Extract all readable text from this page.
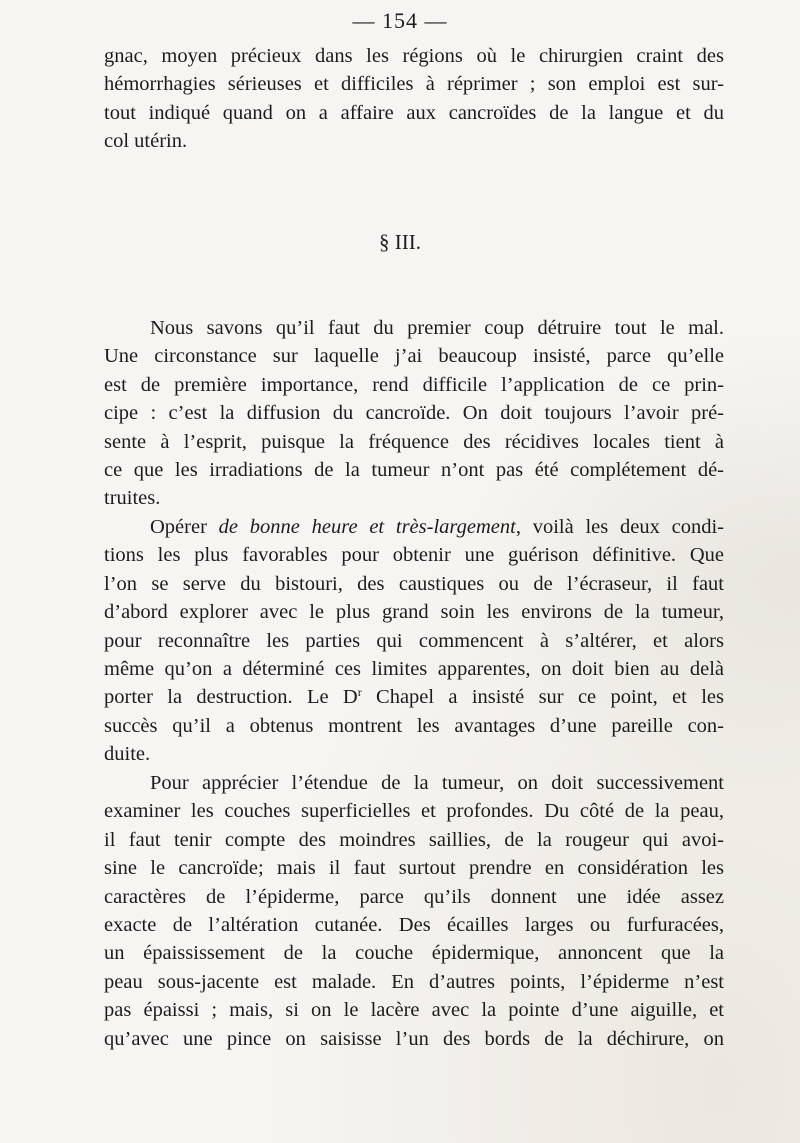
— 154 —
gnac, moyen précieux dans les régions où le chirurgien craint des
hémorrhagies sérieuses et difficiles à réprimer ; son emploi est sur-
tout indiqué quand on a affaire aux cancroïdes de la langue et du
col utérin.
§ III.
Nous savons qu’il faut du premier coup détruire tout le mal.
Une circonstance sur laquelle j’ai beaucoup insisté, parce qu’elle
est de première importance, rend difficile l’application de ce prin-
cipe : c’est la diffusion du cancroïde. On doit toujours l’avoir pré-
sente à l’esprit, puisque la fréquence des récidives locales tient à
ce que les irradiations de la tumeur n’ont pas été complétement dé-
truites.
Opérer de bonne heure et très-largement, voilà les deux condi-
tions les plus favorables pour obtenir une guérison définitive. Que
l’on se serve du bistouri, des caustiques ou de l’écraseur, il faut
d’abord explorer avec le plus grand soin les environs de la tumeur,
pour reconnaître les parties qui commencent à s’altérer, et alors
même qu’on a déterminé ces limites apparentes, on doit bien au delà
porter la destruction. Le $D^r$ Chapel a insisté sur ce point, et les
succès qu’il a obtenus montrent les avantages d’une pareille con-
duite.
Pour apprécier l’étendue de la tumeur, on doit successivement
examiner les couches superficielles et profondes. Du côté de la peau,
il faut tenir compte des moindres saillies, de la rougeur qui avoi-
sine le cancroïde; mais il faut surtout prendre en considération les
caractères de l’épiderme, parce qu’ils donnent une idée assez
exacte de l’altération cutanée. Des écailles larges ou furfuracées,
un épaississement de la couche épidermique, annoncent que la
peau sous-jacente est malade. En d’autres points, l’épiderme n’est
pas épaissi ; mais, si on le lacère avec la pointe d’une aiguille, et
qu’avec une pince on saisisse l’un des bords de la déchirure, on
